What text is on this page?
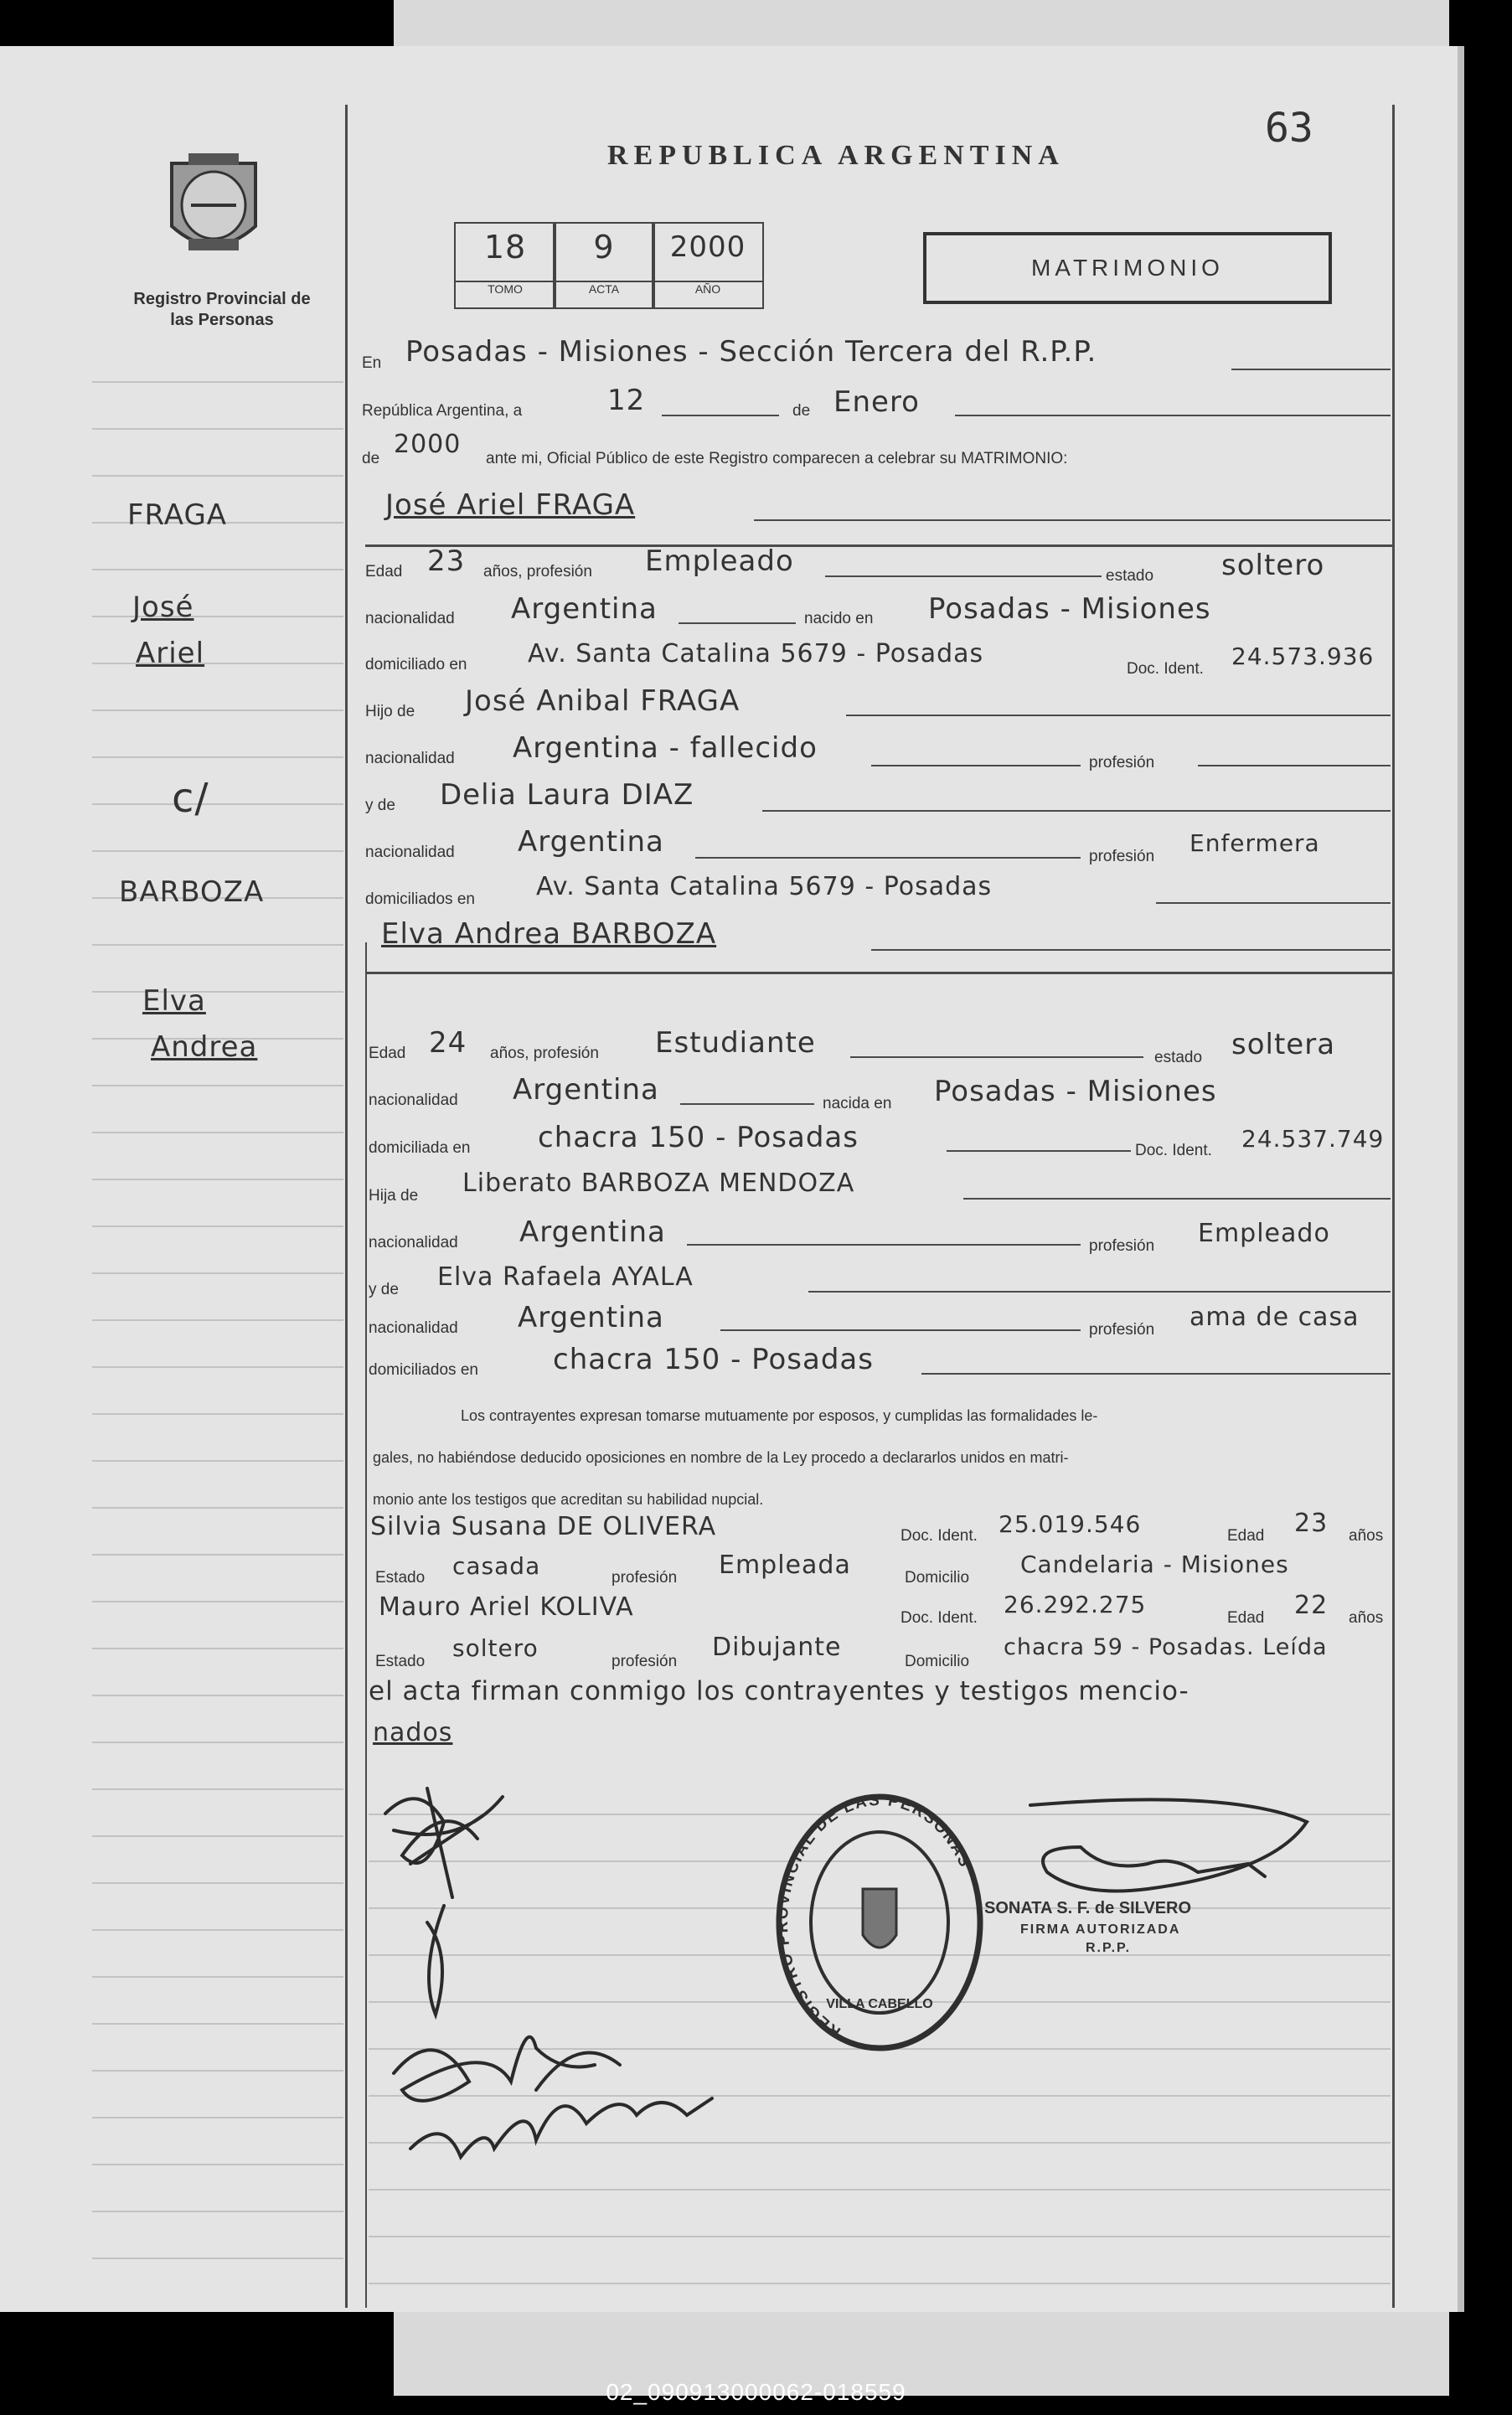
Registro Provincial de las Personas
REPUBLICA ARGENTINA
63
18	9	2000
TOMO	ACTA	AÑO
MATRIMONIO
FRAGA
José
Ariel
c/
BARBOZA
Elva
Andrea
En Posadas - Misiones - Sección Tercera del R.P.P.
República Argentina, a	12	de Enero
de 2000 ante mi, Oficial Público de este Registro comparecen a celebrar su MATRIMONIO:
José Ariel FRAGA
Edad 23 años, profesión Empleado	estado soltero
nacionalidad Argentina	nacido en Posadas - Misiones
domiciliado en Av. Santa Catalina 5679 - Posadas
Doc. Ident. 24.573.936
Hijo de José Anibal FRAGA
nacionalidad Argentina - fallecido	profesión
y de Delia Laura DIAZ
nacionalidad Argentina	profesión Enfermera
domiciliados en Av. Santa Catalina 5679 - Posadas
Elva Andrea BARBOZA
Edad 24 años, profesión Estudiante	estado soltera
nacionalidad Argentina	nacida en Posadas - Misiones
domiciliada en chacra 150 - Posadas	Doc. Ident. 24.537.749
Hija de Liberato BARBOZA MENDOZA
nacionalidad Argentina	profesión Empleado
y de Elva Rafaela AYALA
nacionalidad Argentina	profesión ama de casa
domiciliados en	chacra 150 - Posadas
Los contrayentes expresan tomarse mutuamente por esposos, y cumplidas las formalidades le-
gales, no habiéndose deducido oposiciones en nombre de la Ley procedo a declararlos unidos en matri-
monio ante los testigos que acreditan su habilidad nupcial.
Silvia Susana DE OLIVERA	Doc. Ident. 25.019.546	Edad 23 años
Estado casada	profesión Empleada	Domicilio Candelaria - Misiones
Mauro Ariel KOLIVA	Doc. Ident. 26.292.275	Edad 22 años
Estado soltero	profesión Dibujante	Domicilio
chacra 59 - Posadas. Leída
el acta firman conmigo los contrayentes y testigos mencio-
nados
REGISTRO PROVINCIAL DE LAS PERSONAS
VILLA CABELLO
SONATA S. F. de SILVERO
FIRMA AUTORIZADA
R.P.P.
02_090913000062-018559
